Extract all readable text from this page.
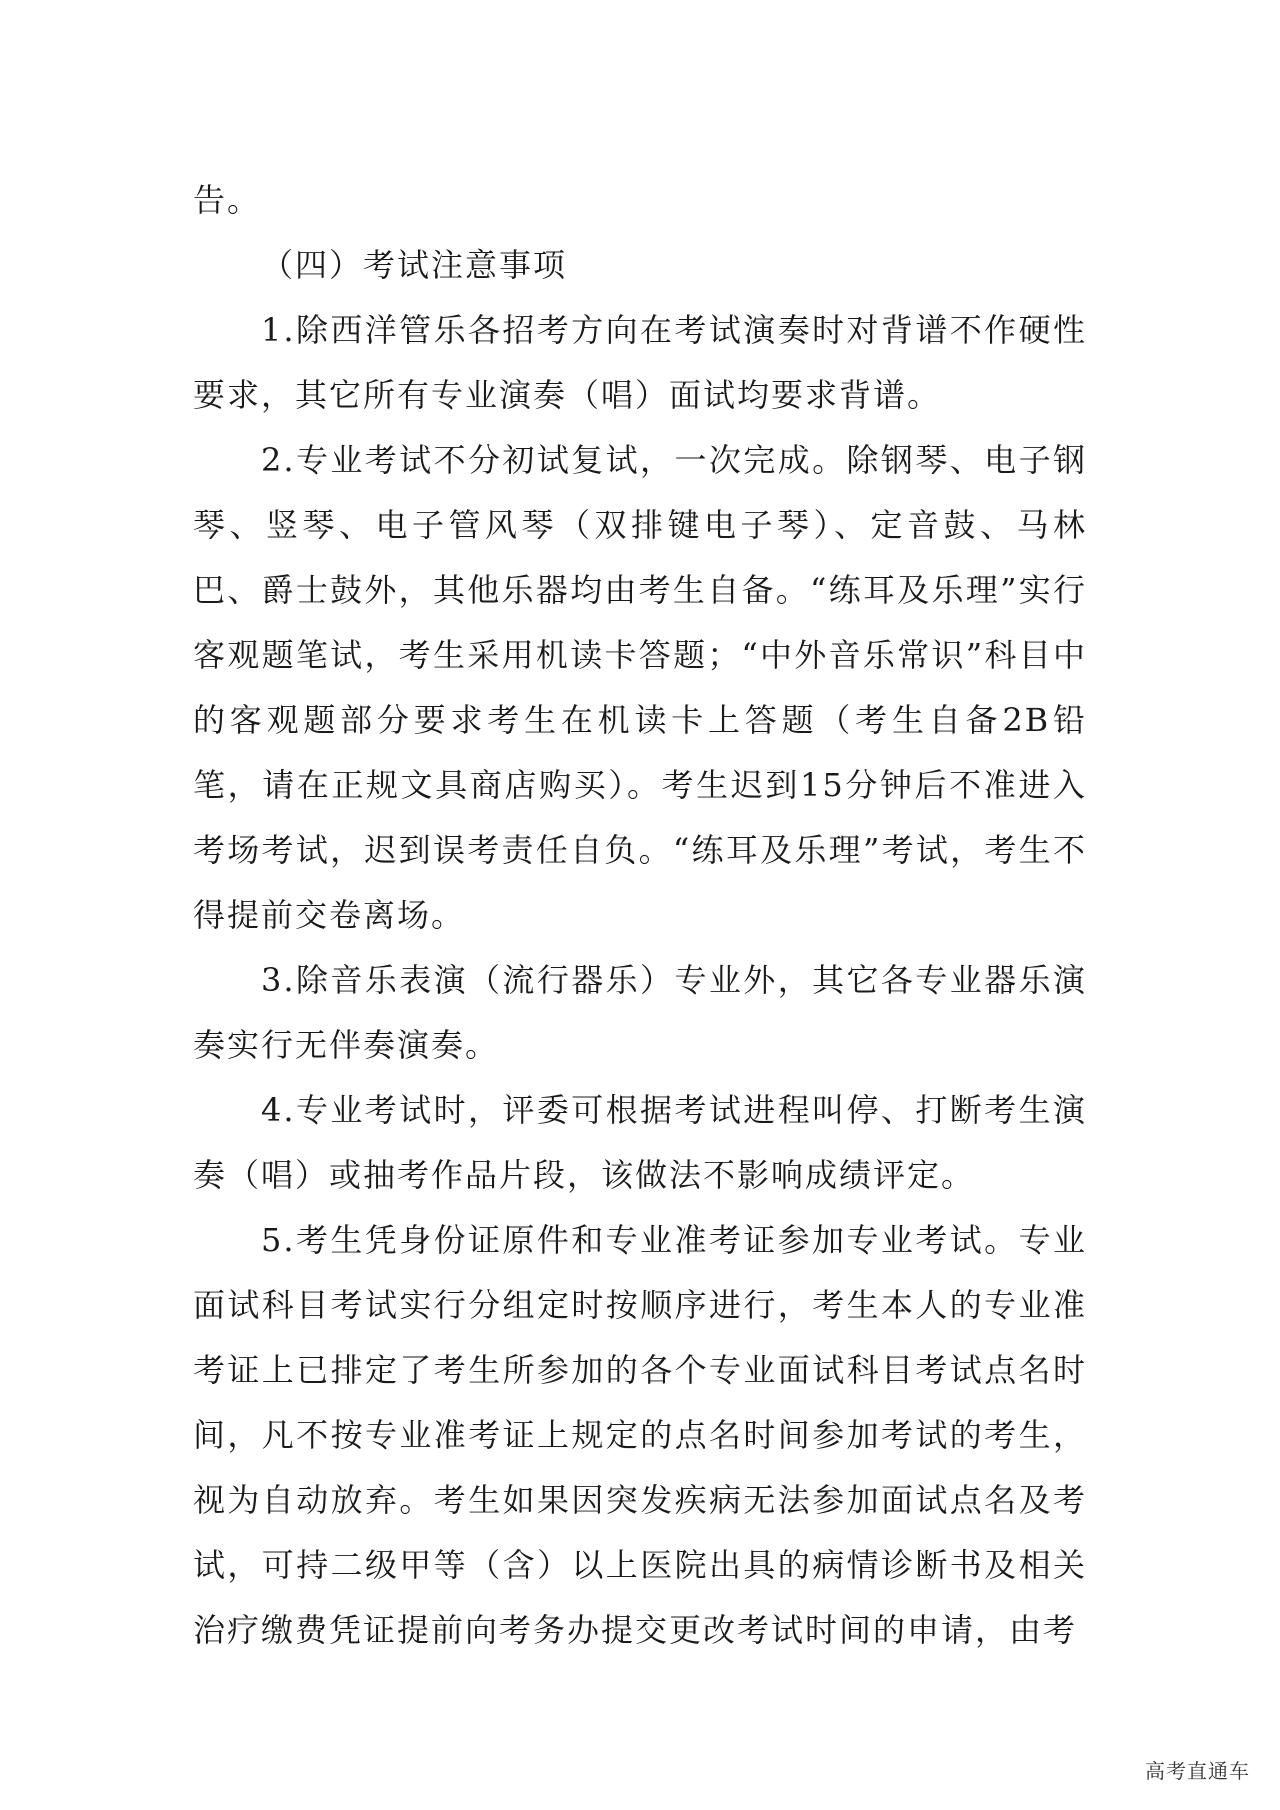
告。

（四）考试注意事项

1.除西洋管乐各招考方向在考试演奏时对背谱不作硬性要求，其它所有专业演奏（唱）面试均要求背谱。

2.专业考试不分初试复试，一次完成。除钢琴、电子钢琴、竖琴、电子管风琴（双排键电子琴）、定音鼓、马林巴、爵士鼓外，其他乐器均由考生自备。“练耳及乐理”实行客观题笔试，考生采用机读卡答题；“中外音乐常识”科目中的客观题部分要求考生在机读卡上答题（考生自备2B铅笔，请在正规文具商店购买）。考生迟到15分钟后不准进入考场考试，迟到误考责任自负。“练耳及乐理”考试，考生不得提前交卷离场。

3.除音乐表演（流行器乐）专业外，其它各专业器乐演奏实行无伴奏演奏。

4.专业考试时，评委可根据考试进程叫停、打断考生演奏（唱）或抽考作品片段，该做法不影响成绩评定。

5.考生凭身份证原件和专业准考证参加专业考试。专业面试科目考试实行分组定时按顺序进行，考生本人的专业准考证上已排定了考生所参加的各个专业面试科目考试点名时间，凡不按专业准考证上规定的点名时间参加考试的考生，视为自动放弃。考生如果因突发疾病无法参加面试点名及考试，可持二级甲等（含）以上医院出具的病情诊断书及相关治疗缴费凭证提前向考务办提交更改考试时间的申请，由考

高考直通车
